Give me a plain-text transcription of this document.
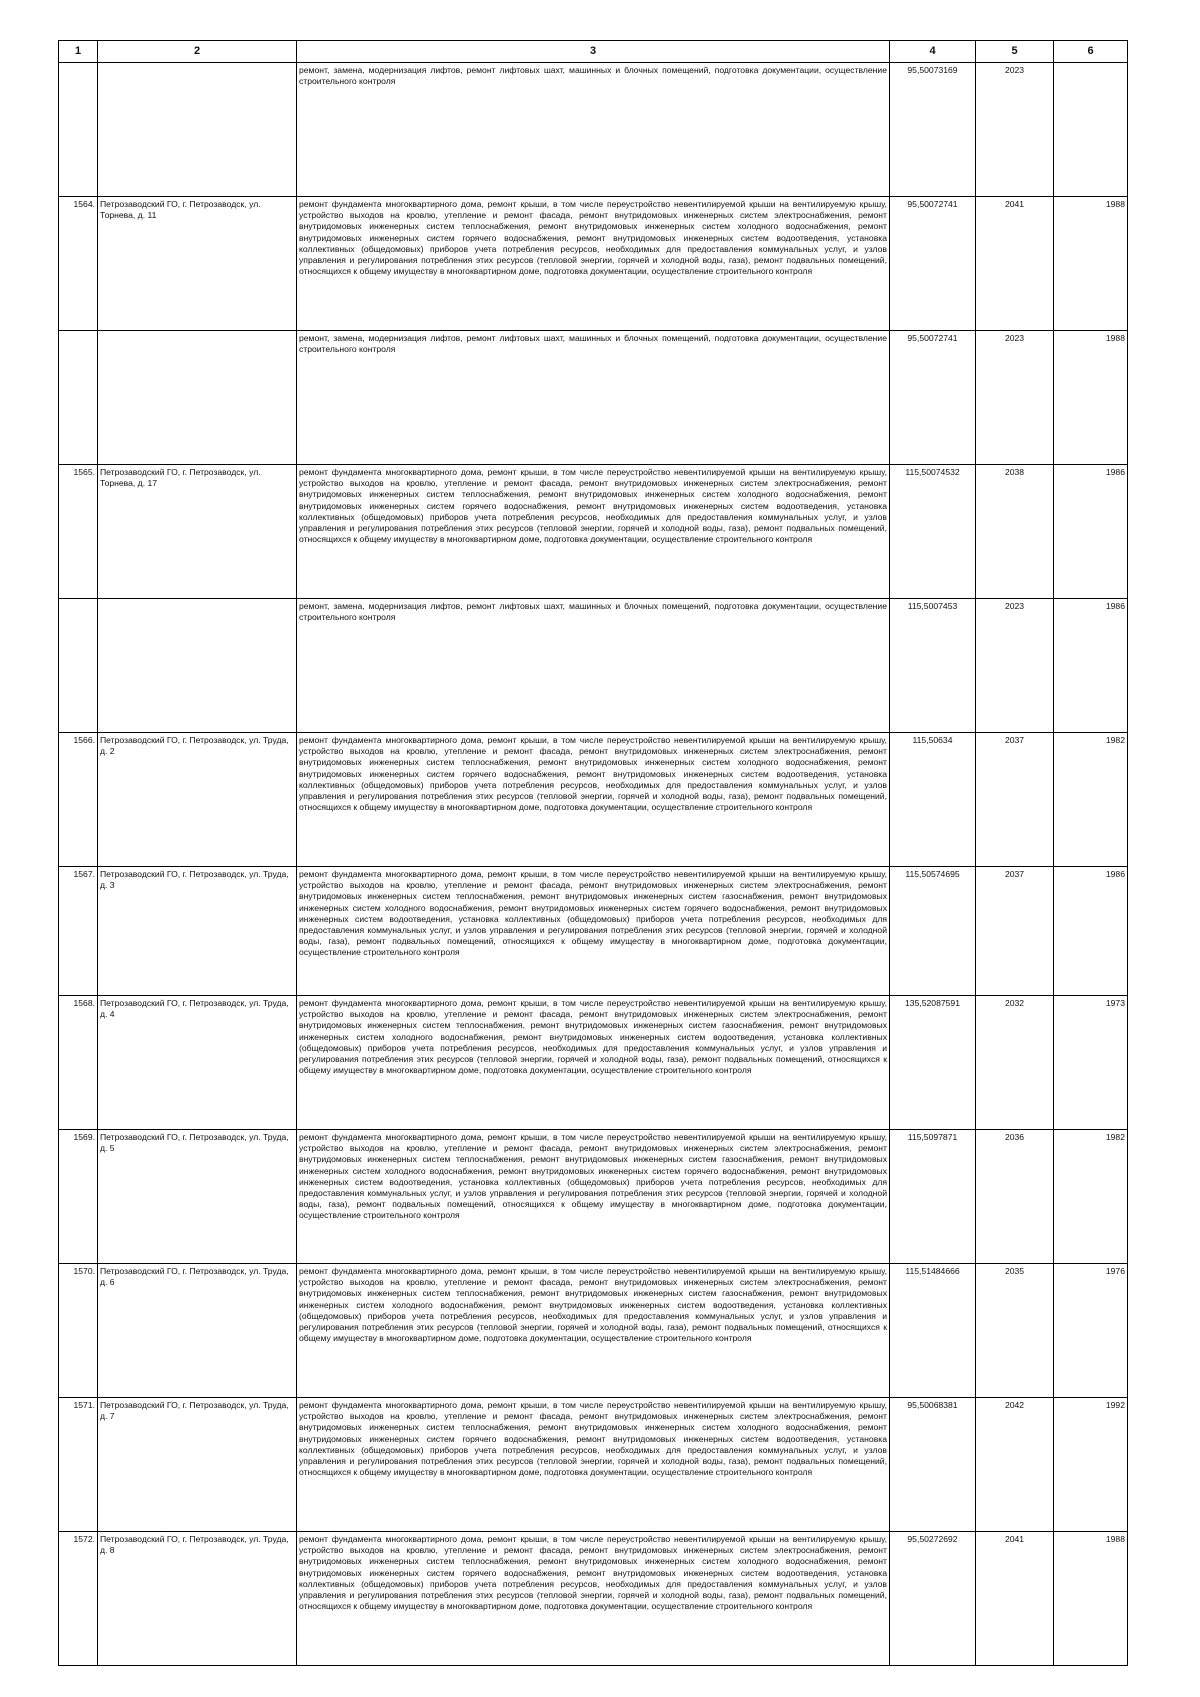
1	2	3	4	5	6
		ремонт, замена, модернизация лифтов, ремонт лифтовых шахт, машинных и блочных помещений, подготовка документации, осуществление строительного контроля	95,50073169	2023	
1564.	Петрозаводский ГО, г. Петрозаводск, ул. Торнева, д. 11	ремонт фундамента многоквартирного дома, ремонт крыши, в том числе переустройство невентилируемой крыши на вентилируемую крышу, устройство выходов на кровлю, утепление и ремонт фасада, ремонт внутридомовых инженерных систем электроснабжения, ремонт внутридомовых инженерных систем теплоснабжения, ремонт внутридомовых инженерных систем холодного водоснабжения, ремонт внутридомовых инженерных систем горячего водоснабжения, ремонт внутридомовых инженерных систем водоотведения, установка коллективных (общедомовых) приборов учета потребления ресурсов, необходимых для предоставления коммунальных услуг, и узлов управления и регулирования потребления этих ресурсов (тепловой энергии, горячей и холодной воды, газа), ремонт подвальных помещений, относящихся к общему имуществу в многоквартирном доме, подготовка документации, осуществление строительного контроля	95,50072741	2041	1988
		ремонт, замена, модернизация лифтов, ремонт лифтовых шахт, машинных и блочных помещений, подготовка документации, осуществление строительного контроля	95,50072741	2023	1988
1565.	Петрозаводский ГО, г. Петрозаводск, ул. Торнева, д. 17	ремонт фундамента многоквартирного дома, ремонт крыши, в том числе переустройство невентилируемой крыши на вентилируемую крышу, устройство выходов на кровлю, утепление и ремонт фасада, ремонт внутридомовых инженерных систем электроснабжения, ремонт внутридомовых инженерных систем теплоснабжения, ремонт внутридомовых инженерных систем холодного водоснабжения, ремонт внутридомовых инженерных систем горячего водоснабжения, ремонт внутридомовых инженерных систем водоотведения, установка коллективных (общедомовых) приборов учета потребления ресурсов, необходимых для предоставления коммунальных услуг, и узлов управления и регулирования потребления этих ресурсов (тепловой энергии, горячей и холодной воды, газа), ремонт подвальных помещений, относящихся к общему имуществу в многоквартирном доме, подготовка документации, осуществление строительного контроля	115,50074532	2038	1986
		ремонт, замена, модернизация лифтов, ремонт лифтовых шахт, машинных и блочных помещений, подготовка документации, осуществление строительного контроля	115,5007453	2023	1986
1566.	Петрозаводский ГО, г. Петрозаводск, ул. Труда, д. 2	ремонт фундамента многоквартирного дома, ремонт крыши, в том числе переустройство невентилируемой крыши на вентилируемую крышу, устройство выходов на кровлю, утепление и ремонт фасада, ремонт внутридомовых инженерных систем электроснабжения, ремонт внутридомовых инженерных систем теплоснабжения, ремонт внутридомовых инженерных систем холодного водоснабжения, ремонт внутридомовых инженерных систем горячего водоснабжения, ремонт внутридомовых инженерных систем водоотведения, установка коллективных (общедомовых) приборов учета потребления ресурсов, необходимых для предоставления коммунальных услуг, и узлов управления и регулирования потребления этих ресурсов (тепловой энергии, горячей и холодной воды, газа), ремонт подвальных помещений, относящихся к общему имуществу в многоквартирном доме, подготовка документации, осуществление строительного контроля	115,50634	2037	1982
1567.	Петрозаводский ГО, г. Петрозаводск, ул. Труда, д. 3	ремонт фундамента многоквартирного дома, ремонт крыши, в том числе переустройство невентилируемой крыши на вентилируемую крышу, устройство выходов на кровлю, утепление и ремонт фасада, ремонт внутридомовых инженерных систем электроснабжения, ремонт внутридомовых инженерных систем теплоснабжения, ремонт внутридомовых инженерных систем газоснабжения, ремонт внутридомовых инженерных систем холодного водоснабжения, ремонт внутридомовых инженерных систем горячего водоснабжения, ремонт внутридомовых инженерных систем водоотведения, установка коллективных (общедомовых) приборов учета потребления ресурсов, необходимых для предоставления коммунальных услуг, и узлов управления и регулирования потребления этих ресурсов (тепловой энергии, горячей и холодной воды, газа), ремонт подвальных помещений, относящихся к общему имуществу в многоквартирном доме, подготовка документации, осуществление строительного контроля	115,50574695	2037	1986
1568.	Петрозаводский ГО, г. Петрозаводск, ул. Труда, д. 4	ремонт фундамента многоквартирного дома, ремонт крыши, в том числе переустройство невентилируемой крыши на вентилируемую крышу, устройство выходов на кровлю, утепление и ремонт фасада, ремонт внутридомовых инженерных систем электроснабжения, ремонт внутридомовых инженерных систем теплоснабжения, ремонт внутридомовых инженерных систем газоснабжения, ремонт внутридомовых инженерных систем холодного водоснабжения, ремонт внутридомовых инженерных систем водоотведения, установка коллективных (общедомовых) приборов учета потребления ресурсов, необходимых для предоставления коммунальных услуг, и узлов управления и регулирования потребления этих ресурсов (тепловой энергии, горячей и холодной воды, газа), ремонт подвальных помещений, относящихся к общему имуществу в многоквартирном доме, подготовка документации, осуществление строительного контроля	135,52087591	2032	1973
1569.	Петрозаводский ГО, г. Петрозаводск, ул. Труда, д. 5	ремонт фундамента многоквартирного дома, ремонт крыши, в том числе переустройство невентилируемой крыши на вентилируемую крышу, устройство выходов на кровлю, утепление и ремонт фасада, ремонт внутридомовых инженерных систем электроснабжения, ремонт внутридомовых инженерных систем теплоснабжения, ремонт внутридомовых инженерных систем газоснабжения, ремонт внутридомовых инженерных систем холодного водоснабжения, ремонт внутридомовых инженерных систем горячего водоснабжения, ремонт внутридомовых инженерных систем водоотведения, установка коллективных (общедомовых) приборов учета потребления ресурсов, необходимых для предоставления коммунальных услуг, и узлов управления и регулирования потребления этих ресурсов (тепловой энергии, горячей и холодной воды, газа), ремонт подвальных помещений, относящихся к общему имуществу в многоквартирном доме, подготовка документации, осуществление строительного контроля	115,5097871	2036	1982
1570.	Петрозаводский ГО, г. Петрозаводск, ул. Труда, д. 6	ремонт фундамента многоквартирного дома, ремонт крыши, в том числе переустройство невентилируемой крыши на вентилируемую крышу, устройство выходов на кровлю, утепление и ремонт фасада, ремонт внутридомовых инженерных систем электроснабжения, ремонт внутридомовых инженерных систем теплоснабжения, ремонт внутридомовых инженерных систем газоснабжения, ремонт внутридомовых инженерных систем холодного водоснабжения, ремонт внутридомовых инженерных систем водоотведения, установка коллективных (общедомовых) приборов учета потребления ресурсов, необходимых для предоставления коммунальных услуг, и узлов управления и регулирования потребления этих ресурсов (тепловой энергии, горячей и холодной воды, газа), ремонт подвальных помещений, относящихся к общему имуществу в многоквартирном доме, подготовка документации, осуществление строительного контроля	115,51484666	2035	1976
1571.	Петрозаводский ГО, г. Петрозаводск, ул. Труда, д. 7	ремонт фундамента многоквартирного дома, ремонт крыши, в том числе переустройство невентилируемой крыши на вентилируемую крышу, устройство выходов на кровлю, утепление и ремонт фасада, ремонт внутридомовых инженерных систем электроснабжения, ремонт внутридомовых инженерных систем теплоснабжения, ремонт внутридомовых инженерных систем холодного водоснабжения, ремонт внутридомовых инженерных систем горячего водоснабжения, ремонт внутридомовых инженерных систем водоотведения, установка коллективных (общедомовых) приборов учета потребления ресурсов, необходимых для предоставления коммунальных услуг, и узлов управления и регулирования потребления этих ресурсов (тепловой энергии, горячей и холодной воды, газа), ремонт подвальных помещений, относящихся к общему имуществу в многоквартирном доме, подготовка документации, осуществление строительного контроля	95,50068381	2042	1992
1572.	Петрозаводский ГО, г. Петрозаводск, ул. Труда, д. 8	ремонт фундамента многоквартирного дома, ремонт крыши, в том числе переустройство невентилируемой крыши на вентилируемую крышу, устройство выходов на кровлю, утепление и ремонт фасада, ремонт внутридомовых инженерных систем электроснабжения, ремонт внутридомовых инженерных систем теплоснабжения, ремонт внутридомовых инженерных систем холодного водоснабжения, ремонт внутридомовых инженерных систем горячего водоснабжения, ремонт внутридомовых инженерных систем водоотведения, установка коллективных (общедомовых) приборов учета потребления ресурсов, необходимых для предоставления коммунальных услуг, и узлов управления и регулирования потребления этих ресурсов (тепловой энергии, горячей и холодной воды, газа), ремонт подвальных помещений, относящихся к общему имуществу в многоквартирном доме, подготовка документации, осуществление строительного контроля	95,50272692	2041	1988
